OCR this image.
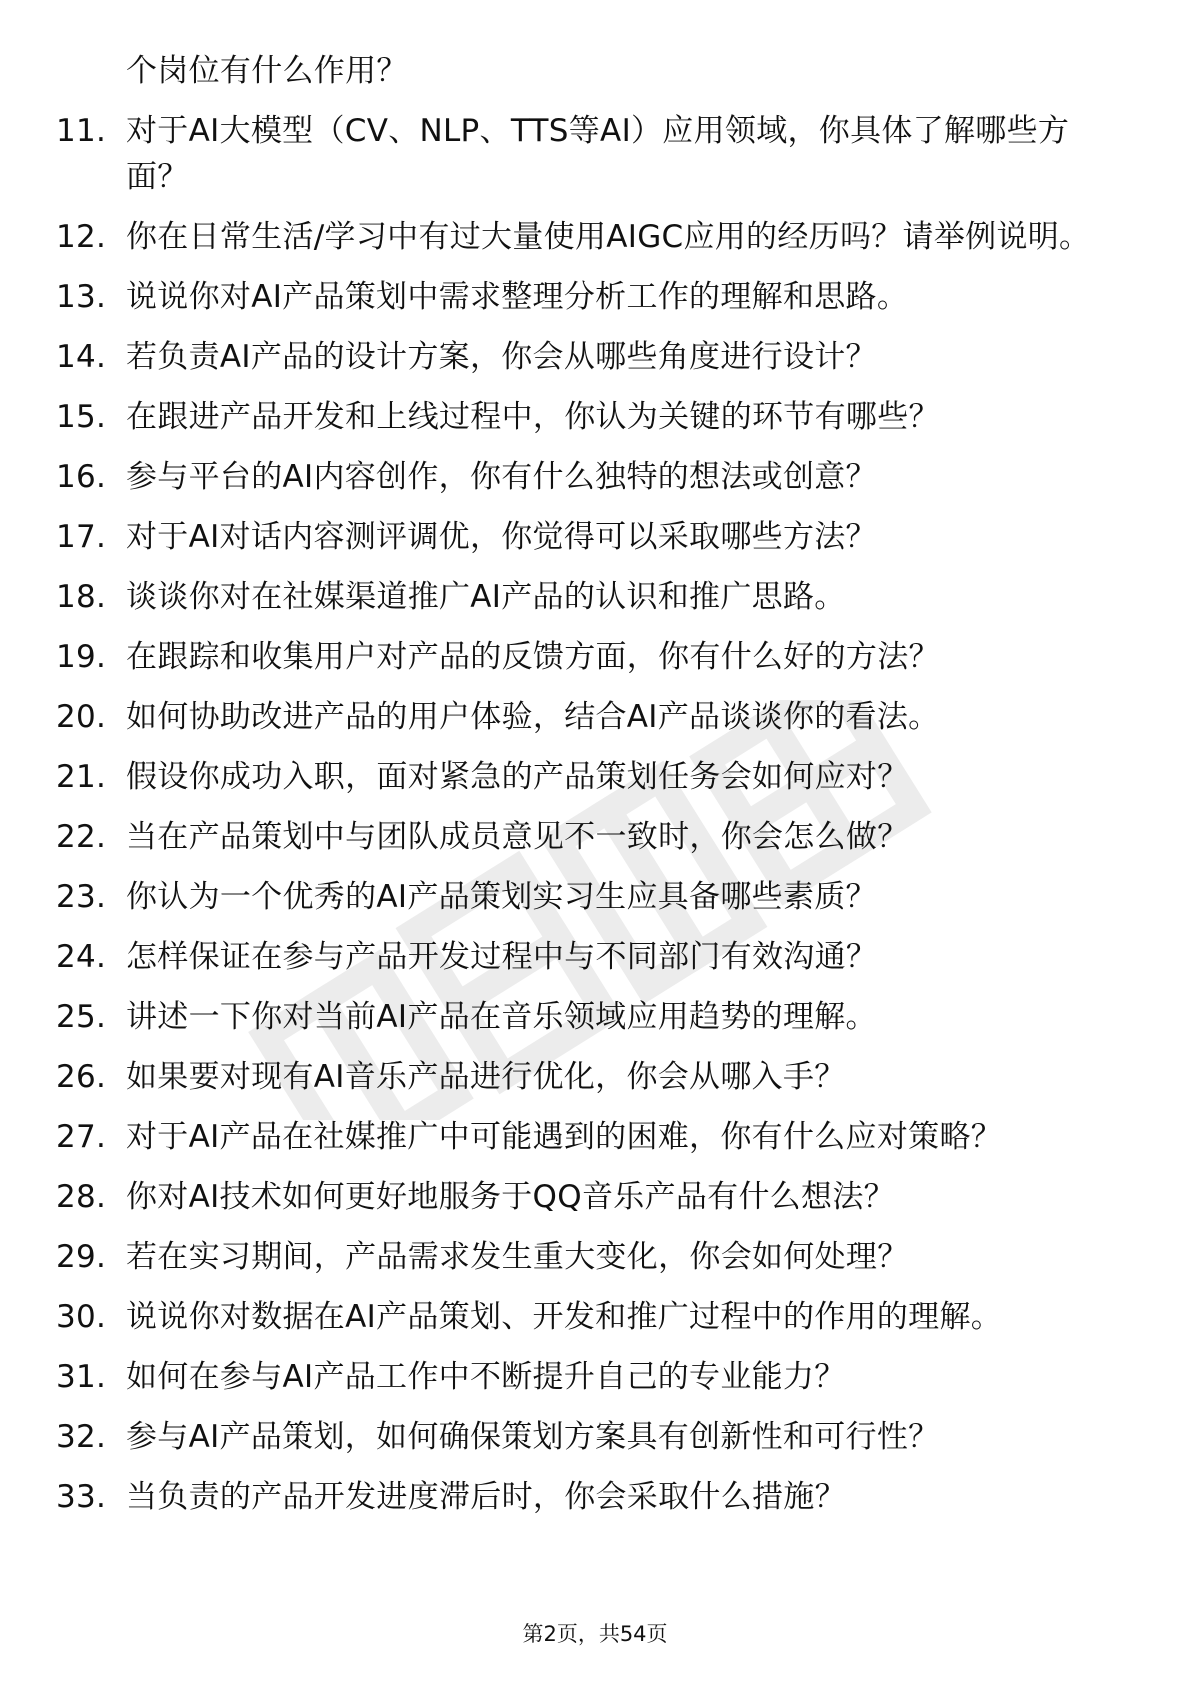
个岗位有什么作用？
11. 对于AI大模型（CV、NLP、TTS等AI）应用领域，你具体了解哪些方面？
12. 你在日常生活/学习中有过大量使用AIGC应用的经历吗？请举例说明。
13. 说说你对AI产品策划中需求整理分析工作的理解和思路。
14. 若负责AI产品的设计方案，你会从哪些角度进行设计？
15. 在跟进产品开发和上线过程中，你认为关键的环节有哪些？
16. 参与平台的AI内容创作，你有什么独特的想法或创意？
17. 对于AI对话内容测评调优，你觉得可以采取哪些方法？
18. 谈谈你对在社媒渠道推广AI产品的认识和推广思路。
19. 在跟踪和收集用户对产品的反馈方面，你有什么好的方法？
20. 如何协助改进产品的用户体验，结合AI产品谈谈你的看法。
21. 假设你成功入职，面对紧急的产品策划任务会如何应对？
22. 当在产品策划中与团队成员意见不一致时，你会怎么做？
23. 你认为一个优秀的AI产品策划实习生应具备哪些素质？
24. 怎样保证在参与产品开发过程中与不同部门有效沟通？
25. 讲述一下你对当前AI产品在音乐领域应用趋势的理解。
26. 如果要对现有AI音乐产品进行优化，你会从哪入手？
27. 对于AI产品在社媒推广中可能遇到的困难，你有什么应对策略？
28. 你对AI技术如何更好地服务于QQ音乐产品有什么想法？
29. 若在实习期间，产品需求发生重大变化，你会如何处理？
30. 说说你对数据在AI产品策划、开发和推广过程中的作用的理解。
31. 如何在参与AI产品工作中不断提升自己的专业能力？
32. 参与AI产品策划，如何确保策划方案具有创新性和可行性？
33. 当负责的产品开发进度滞后时，你会采取什么措施？
第2页，共54页
